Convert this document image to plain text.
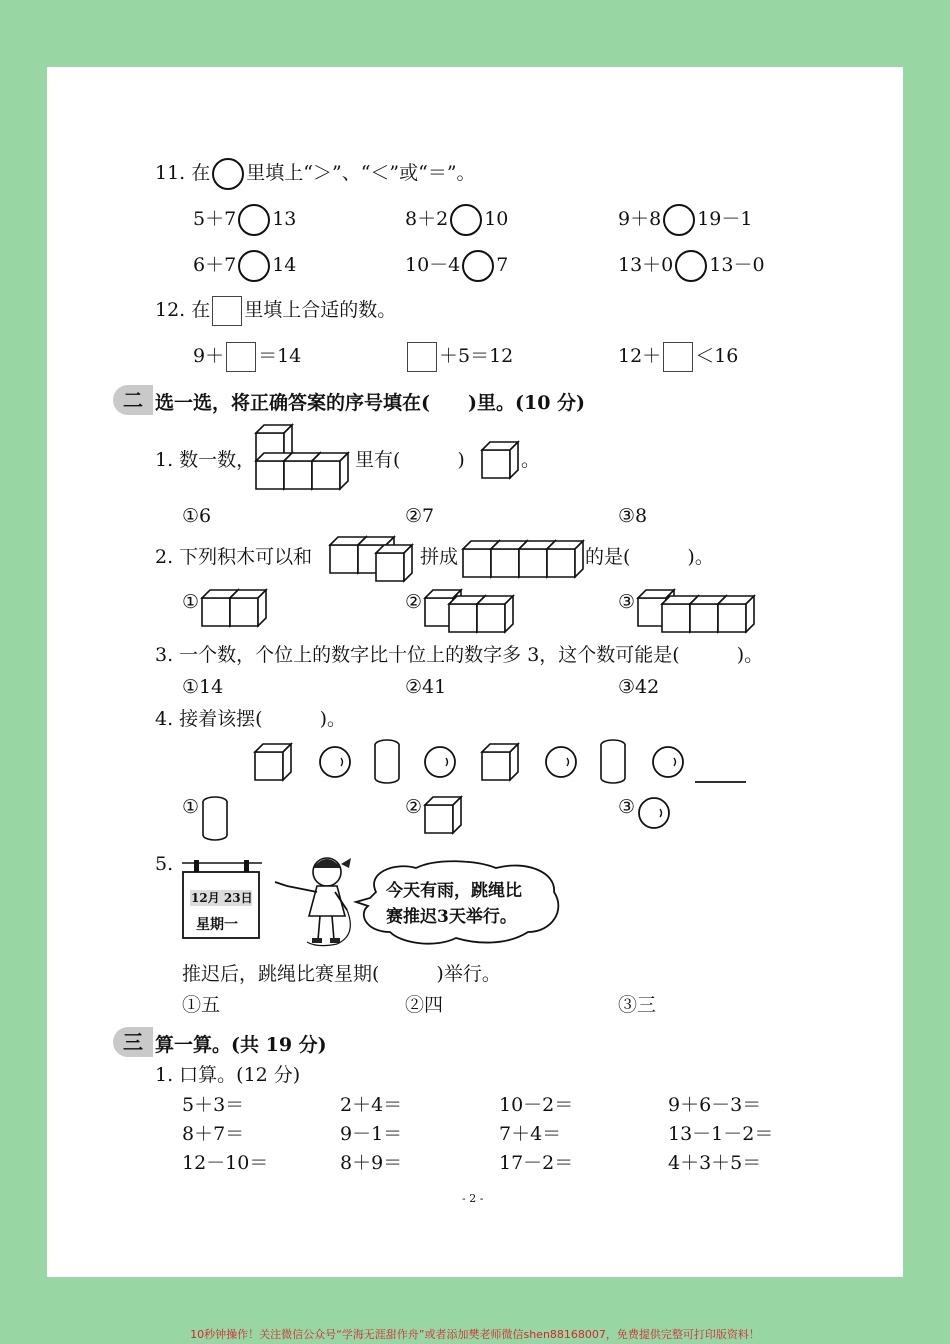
11. 在 里填上“＞”、“＜”或“＝”。
5＋7 13	8＋2 10	9＋8 19－1
6＋7 14	10－4 7	13＋0 13－0
12. 在 里填上合适的数。
9＋ ＝14	＋5＝12	12＋ ＜16
二 选一选，将正确答案的序号填在(　　)里。(10 分)
1. 数一数，	里有(　　　)	。
①6	②7	③8
2. 下列积木可以和	拼成	的是(　　　)。
①	②	③
3. 一个数，个位上的数字比十位上的数字多 3，这个数可能是(　　　)。
①14	②41	③42
4. 接着该摆(　　　)。
①	②	③
5.
12月 23日
星期一
今天有雨，跳绳比
赛推迟3天举行。
推迟后，跳绳比赛星期(　　　)举行。
①五	②四	③三
三 算一算。(共 19 分)
1. 口算。(12 分)
5＋3＝	2＋4＝	10－2＝	9＋6－3＝
8＋7＝	9－1＝	7＋4＝	13－1－2＝
12－10＝	8＋9＝	17－2＝	4＋3＋5＝
- 2 -
10秒钟操作！关注微信公众号“学海无涯甜作舟”或者添加樊老师微信shen88168007，免费提供完整可打印版资料！
